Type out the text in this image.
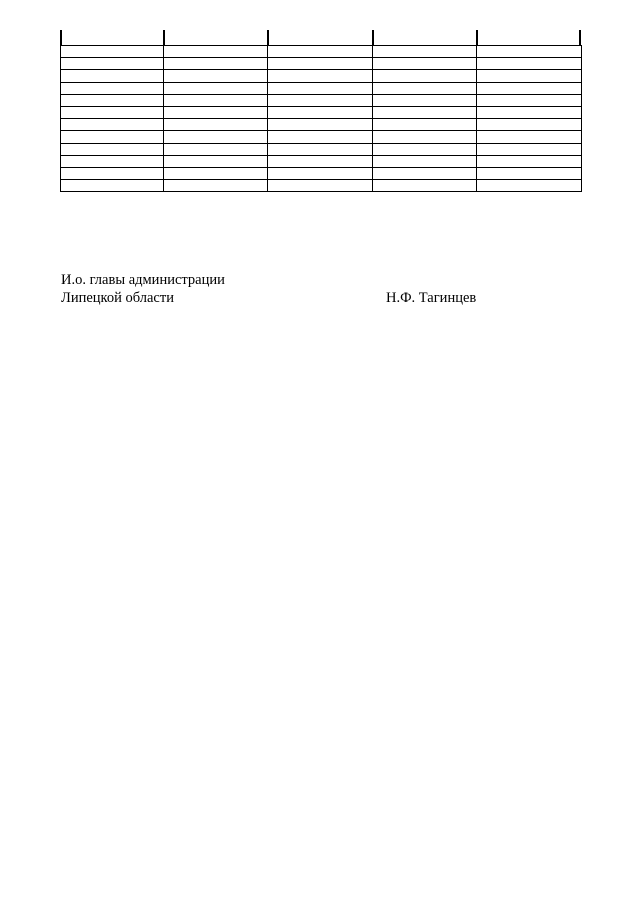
И.о. главы администрации
Липецкой области	Н.Ф. Тагинцев
